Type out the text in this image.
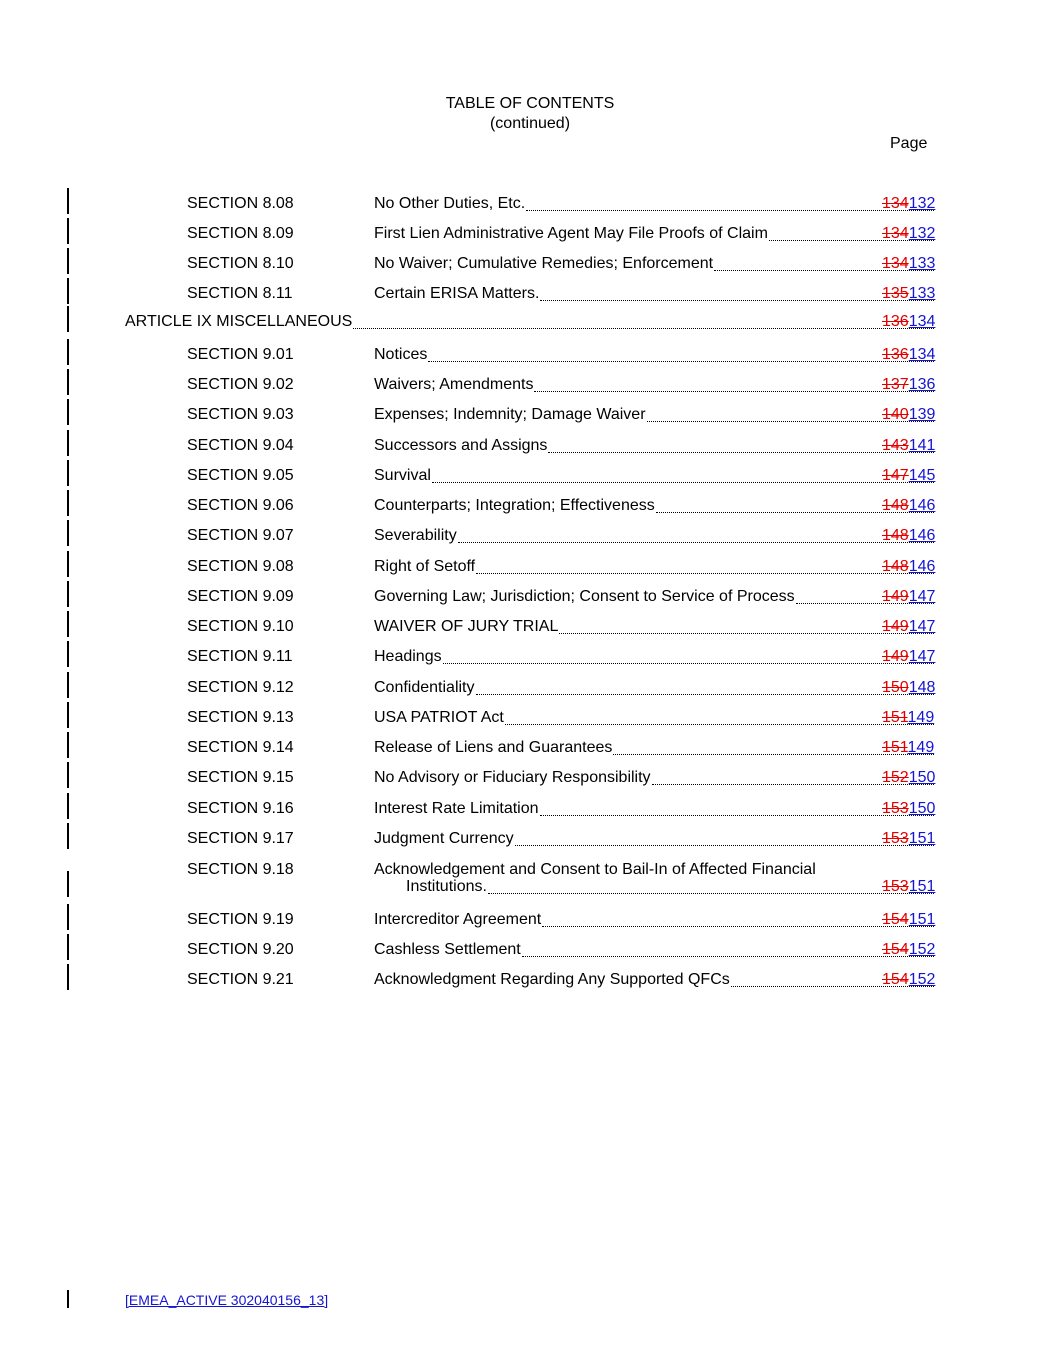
TABLE OF CONTENTS
(continued)
Page
SECTION 8.08	No Other Duties, Etc.	134132
SECTION 8.09	First Lien Administrative Agent May File Proofs of Claim	134132
SECTION 8.10	No Waiver; Cumulative Remedies; Enforcement	134133
SECTION 8.11	Certain ERISA Matters.	135133
ARTICLE IX MISCELLANEOUS	136134
SECTION 9.01	Notices	136134
SECTION 9.02	Waivers; Amendments	137136
SECTION 9.03	Expenses; Indemnity; Damage Waiver	140139
SECTION 9.04	Successors and Assigns	143141
SECTION 9.05	Survival	147145
SECTION 9.06	Counterparts; Integration; Effectiveness	148146
SECTION 9.07	Severability	148146
SECTION 9.08	Right of Setoff	148146
SECTION 9.09	Governing Law; Jurisdiction; Consent to Service of Process	149147
SECTION 9.10	WAIVER OF JURY TRIAL	149147
SECTION 9.11	Headings	149147
SECTION 9.12	Confidentiality	150148
SECTION 9.13	USA PATRIOT Act	151149
SECTION 9.14	Release of Liens and Guarantees	151149
SECTION 9.15	No Advisory or Fiduciary Responsibility	152150
SECTION 9.16	Interest Rate Limitation	153150
SECTION 9.17	Judgment Currency	153151
SECTION 9.18	Acknowledgement and Consent to Bail-In of Affected Financial
Institutions.	153151
SECTION 9.19	Intercreditor Agreement	154151
SECTION 9.20	Cashless Settlement	154152
SECTION 9.21	Acknowledgment Regarding Any Supported QFCs	154152
[EMEA_ACTIVE 302040156_13]
